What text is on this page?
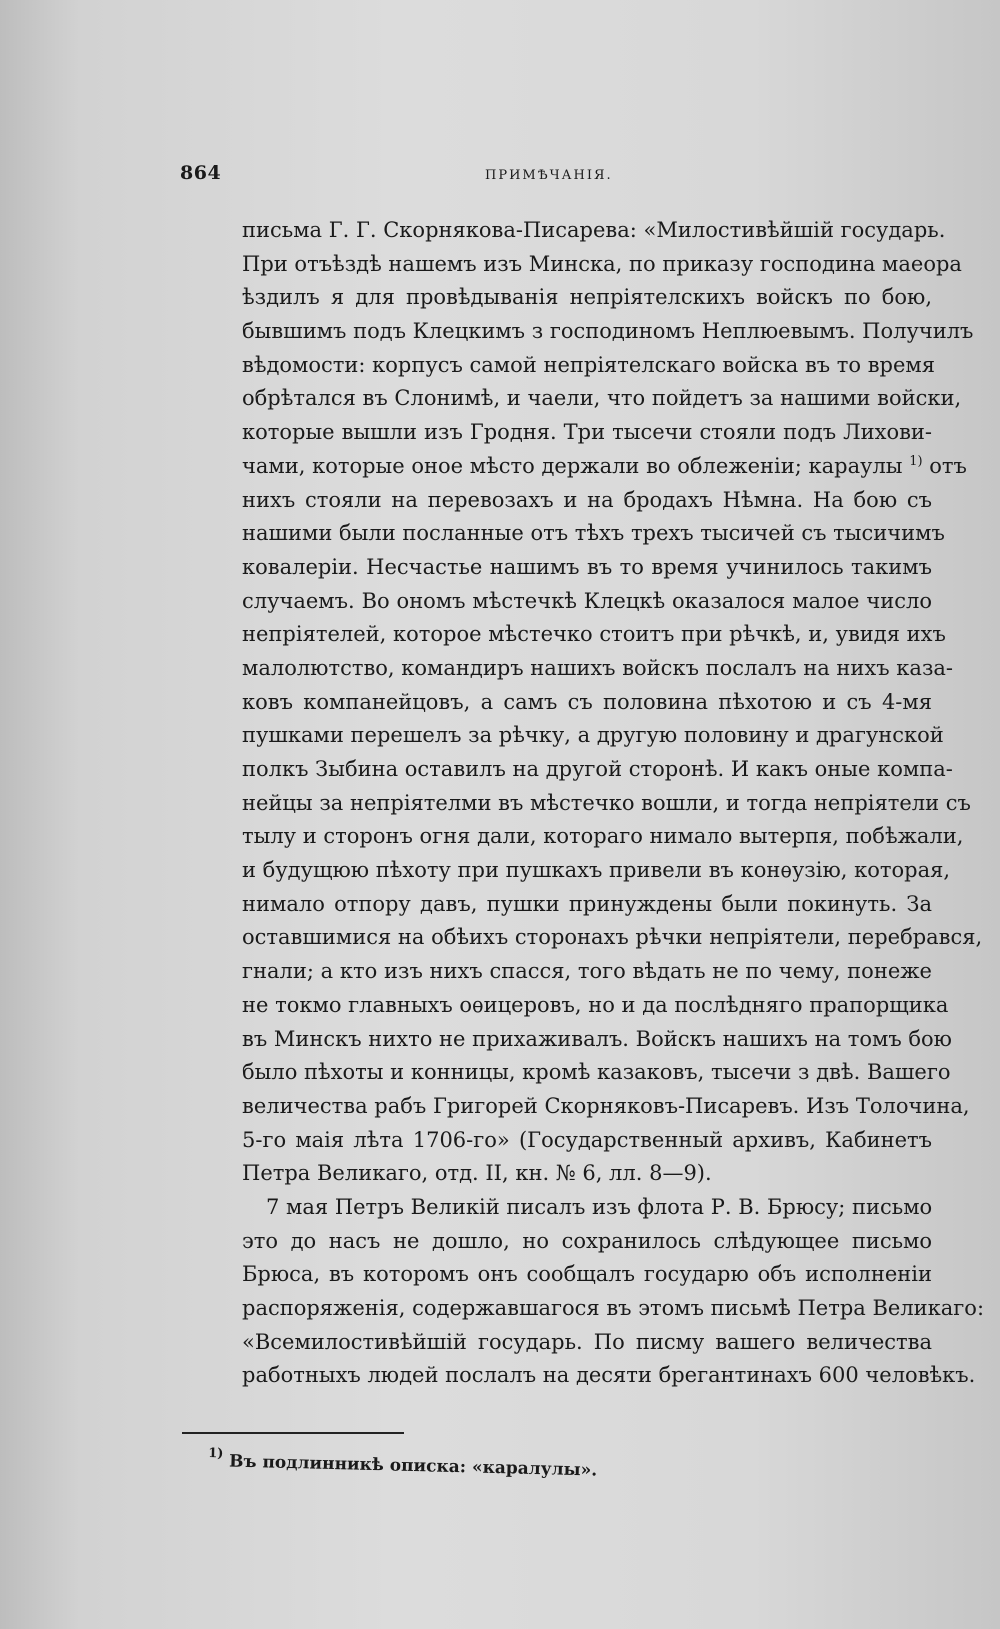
864	ПРИМѢЧАНІЯ.
письма Г. Г. Скорнякова-Писарева: «Милостивѣйшій государь.
При отъѣздѣ нашемъ изъ Минска, по приказу господина маеора
ѣздилъ я для провѣдыванія непріятелскихъ войскъ по бою,
бывшимъ подъ Клецкимъ з господиномъ Неплюевымъ. Получилъ
вѣдомости: корпусъ самой непріятелскаго войска въ то время
обрѣтался въ Слонимѣ, и чаели, что пойдетъ за нашими войски,
которые вышли изъ Гродня. Три тысечи стояли подъ Лихови-
чами, которые оное мѣсто держали во облеженіи; караулы $^{1)}$ отъ
нихъ стояли на перевозахъ и на бродахъ Нѣмна. На бою съ
нашими были посланные отъ тѣхъ трехъ тысичей съ тысичимъ
ковалеріи. Несчастье нашимъ въ то время учинилось такимъ
случаемъ. Во ономъ мѣстечкѣ Клецкѣ оказалося малое число
непріятелей, которое мѣстечко стоитъ при рѣчкѣ, и, увидя ихъ
малолютство, командиръ нашихъ войскъ послалъ на нихъ каза-
ковъ компанейцовъ, а самъ съ половина пѣхотою и съ 4-мя
пушками перешелъ за рѣчку, а другую половину и драгунской
полкъ Зыбина оставилъ на другой сторонѣ. И какъ оные компа-
нейцы за непріятелми въ мѣстечко вошли, и тогда непріятели съ
тылу и сторонъ огня дали, котораго нимало вытерпя, побѣжали,
и будущюю пѣхоту при пушкахъ привели въ конѳузію, которая,
нимало отпору давъ, пушки принуждены были покинуть. За
оставшимися на обѣихъ сторонахъ рѣчки непріятели, перебрався,
гнали; а кто изъ нихъ спасся, того вѣдать не по чему, понеже
не токмо главныхъ оѳицеровъ, но и да послѣдняго прапорщика
въ Минскъ нихто не прихаживалъ. Войскъ нашихъ на томъ бою
было пѣхоты и конницы, кромѣ казаковъ, тысечи з двѣ. Вашего
величества рабъ Григорей Скорняковъ-Писаревъ. Изъ Толочина,
5-го маія лѣта 1706-го» (Государственный архивъ, Кабинетъ
Петра Великаго, отд. II, кн. № 6, лл. 8—9).
7 мая Петръ Великій писалъ изъ флота Р. В. Брюсу; письмо
это до насъ не дошло, но сохранилось слѣдующее письмо
Брюса, въ которомъ онъ сообщалъ государю объ исполненіи
распоряженія, содержавшагося въ этомъ письмѣ Петра Великаго:
«Всемилостивѣйшій государь. По писму вашего величества
работныхъ людей послалъ на десяти брегантинахъ 600 человѣкъ.
$^{1)}$ Въ подлинникѣ описка: «каралулы».
